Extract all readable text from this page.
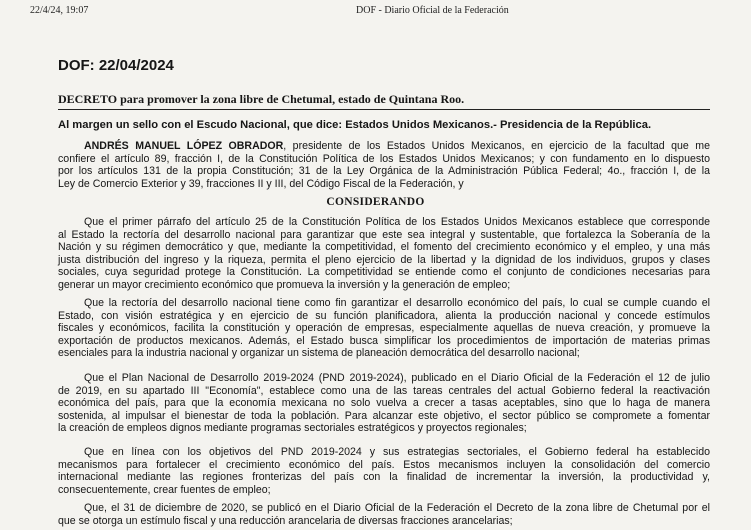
22/4/24, 19:07	DOF - Diario Oficial de la Federación
DOF: 22/04/2024
DECRETO para promover la zona libre de Chetumal, estado de Quintana Roo.
Al margen un sello con el Escudo Nacional, que dice: Estados Unidos Mexicanos.- Presidencia de la República.
ANDRÉS MANUEL LÓPEZ OBRADOR, presidente de los Estados Unidos Mexicanos, en ejercicio de la facultad que me
confiere el artículo 89, fracción I, de la Constitución Política de los Estados Unidos Mexicanos; y con fundamento en lo dispuesto
por los artículos 131 de la propia Constitución; 31 de la Ley Orgánica de la Administración Pública Federal; 4o., fracción I, de la
Ley de Comercio Exterior y 39, fracciones II y III, del Código Fiscal de la Federación, y
CONSIDERANDO
Que el primer párrafo del artículo 25 de la Constitución Política de los Estados Unidos Mexicanos establece que corresponde
al Estado la rectoría del desarrollo nacional para garantizar que este sea integral y sustentable, que fortalezca la Soberanía de la
Nación y su régimen democrático y que, mediante la competitividad, el fomento del crecimiento económico y el empleo, y una más
justa distribución del ingreso y la riqueza, permita el pleno ejercicio de la libertad y la dignidad de los individuos, grupos y clases
sociales, cuya seguridad protege la Constitución. La competitividad se entiende como el conjunto de condiciones necesarias para
generar un mayor crecimiento económico que promueva la inversión y la generación de empleo;
Que la rectoría del desarrollo nacional tiene como fin garantizar el desarrollo económico del país, lo cual se cumple cuando el
Estado, con visión estratégica y en ejercicio de su función planificadora, alienta la producción nacional y concede estímulos
fiscales y económicos, facilita la constitución y operación de empresas, especialmente aquellas de nueva creación, y promueve la
exportación de productos mexicanos. Además, el Estado busca simplificar los procedimientos de importación de materias primas
esenciales para la industria nacional y organizar un sistema de planeación democrática del desarrollo nacional;
Que el Plan Nacional de Desarrollo 2019-2024 (PND 2019-2024), publicado en el Diario Oficial de la Federación el 12 de julio
de 2019, en su apartado III "Economía", establece como una de las tareas centrales del actual Gobierno federal la reactivación
económica del país, para que la economía mexicana no solo vuelva a crecer a tasas aceptables, sino que lo haga de manera
sostenida, al impulsar el bienestar de toda la población. Para alcanzar este objetivo, el sector público se compromete a fomentar
la creación de empleos dignos mediante programas sectoriales estratégicos y proyectos regionales;
Que en línea con los objetivos del PND 2019-2024 y sus estrategias sectoriales, el Gobierno federal ha establecido
mecanismos para fortalecer el crecimiento económico del país. Estos mecanismos incluyen la consolidación del comercio
internacional mediante las regiones fronterizas del país con la finalidad de incrementar la inversión, la productividad y,
consecuentemente, crear fuentes de empleo;
Que, el 31 de diciembre de 2020, se publicó en el Diario Oficial de la Federación el Decreto de la zona libre de Chetumal por el
que se otorga un estímulo fiscal y una reducción arancelaria de diversas fracciones arancelarias;
